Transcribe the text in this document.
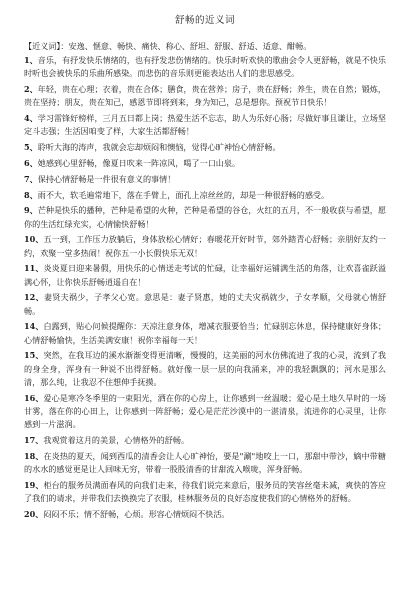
舒畅的近义词
【近义词】：安逸、惬意、畅快、痛快、称心、舒坦、舒服、舒适、适意、酣畅。
1、音乐，有抒发快乐情绪的，也有抒发悲伤情绪的。快乐时听欢快的歌曲会令人更舒畅，就是不快乐时听也会被快乐的乐曲所感染。而悲伤的音乐则更能表达出人们的悲思感受。
2、年轻，贵在心理；衣着，贵在合体；膳食，贵在营养；房子，贵在舒畅；养生，贵在自然；锻炼，贵在坚持；朋友，贵在知己，感恩节即将到来，身为知己，总是想你。预祝节日快乐！
4、学习雷锋好榜样，三月五日都上岗；热爱生活不忘志，助人为乐好心肠；尽做好事且谦让，立场坚定斗志强；生活因咱变了样，大家生活都舒畅！
5、聆听大海的涛声，我就会忘却烦闷和懊恼，觉得心旷神怡心情舒畅。
6、她感到心里舒畅，像夏日吹来一阵凉风，喝了一口山泉。
7、保持心情舒畅是一件很有意义的事情！
8、雨不大，软毛遍常地下，落在手臂上，面孔上凉丝丝的，却是一种很舒畅的感受。
9、芒种是快乐的播种，芒种是希望的火种，芒种是希望的谷仓，火红的五月，不一般收获与希望，愿你的生活红绿充实，心情愉快舒畅！
10、五一到，工作压力放躺后，身体放松心情好；春暖花开好时节，郊外踏青心舒畅；亲朋好友约一约，欢聚一堂多热闹！祝你五一小长假快乐无双！
11、炎炎夏日迎来暑假，用快乐的心情送走考试的忙碌，让幸福好运铺满生活的角落，让欢喜雀跃溢满心怀，让你快乐舒畅逍遥自在！
12、妻贤夫祸少，子孝父心宽。意思是：妻子贤惠，她的丈夫灾祸就少，子女孝顺，父母就心情舒畅。
14、白露到，贴心问候提醒你：天凉注意身体，增减衣服要恰当；忙碌别忘休息，保持健康好身体；心情舒畅愉快，生活美满安康！祝你幸福每一天！
15、突然，在我耳边的溪水渐渐变得更清晰，慢慢的，这美丽的河水仿佛流进了我的心灵，流到了我的身全身，浑身有一种说不出得舒畅。就好像一层一层的向我涌来，冲的我轻飘飘的；河水是那么清，那么纯，让我忍不住想伸手抚摸。
16、爱心是寒冷冬季里的一束阳光，洒在你的心房上，让你感到一丝温暖；爱心是土地久旱时的一场甘雾，落在你的心田上，让你感到一阵舒畅；爱心是茫茫沙漠中的一湛清泉，流进你的心灵里，让你感到一片滋润。
17、我观赏着这月的美景，心情格外的舒畅。
18、在炎热的夏天，闻到西瓜的清香会让人心旷神怡，要是"涮"地咬上一口，那甜中带沙，嫡中带糖的水水的感觉更是让人回味无穷，带着一股股清香的甘甜流入喉咙，浑身舒畅。
19、柜台的服务员满面春风的向我们走来，待我们说完来意后，服务员的笑容丝毫未减，爽快的答应了我们的请求，并带我们去换换完了衣服，桂林服务员的良好态度使我们的心情格外的舒畅。
20、闷闷不乐；情不舒畅，心烦。形容心情烦闷不快活。
